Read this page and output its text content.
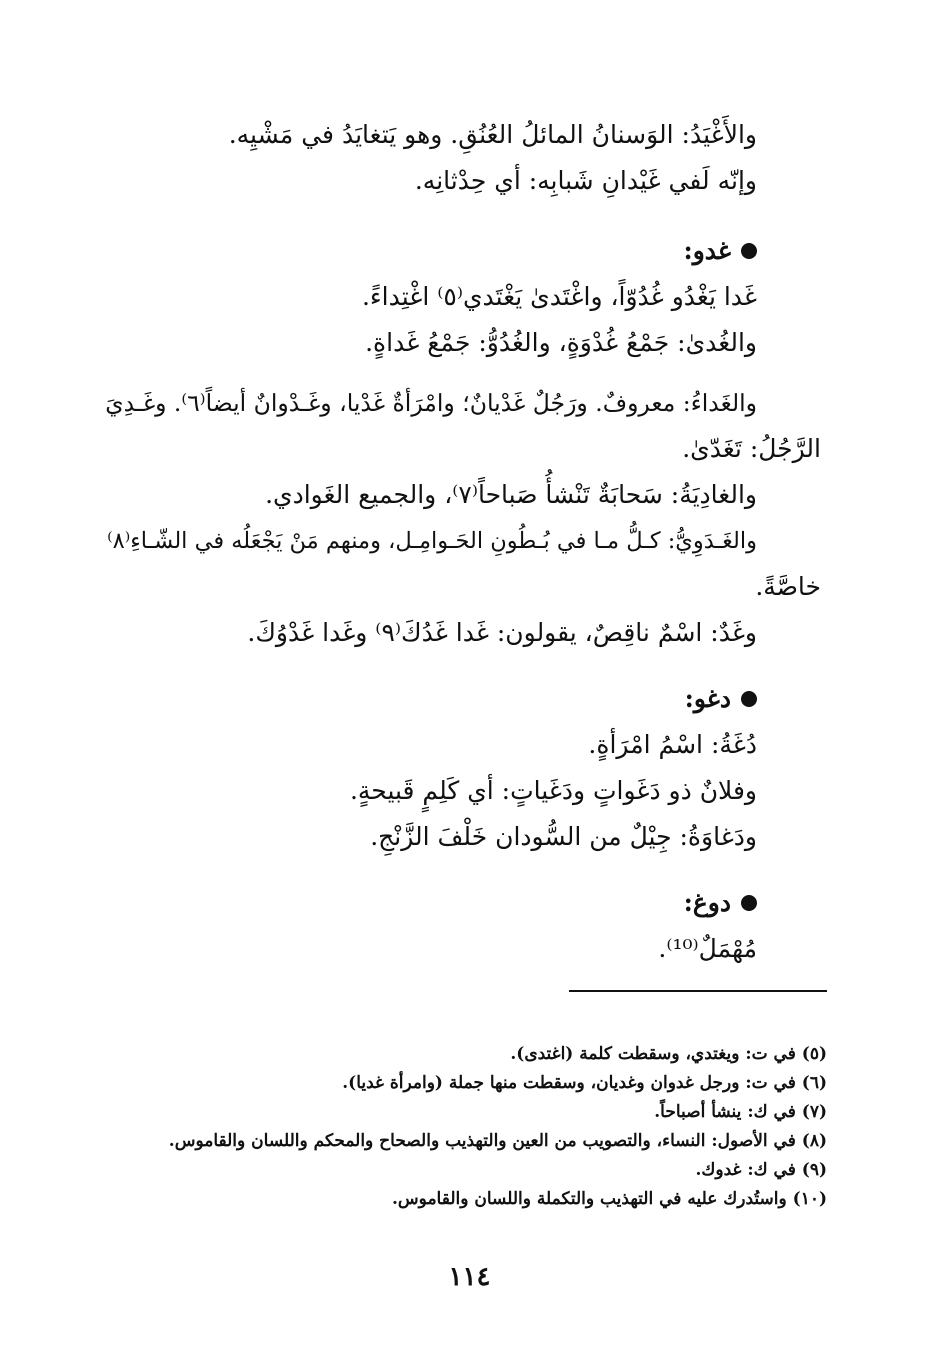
والأَغْيَدُ: الوَسنانُ المائلُ العُنُقِ. وهو يَتغايَدُ في مَشْيِه.
وإنّه لَفي غَيْدانِ شَبابِه: أي حِدْثانِه.
غدو:
غَدا يَغْدُو غُدُوّاً، واغْتَدىٰ يَغْتَدي⁽٥⁾ اغْتِداءً.
والغُدىٰ: جَمْعُ غُدْوَةٍ، والغُدُوُّ: جَمْعُ غَداةٍ.
والغَداءُ: معروفٌ. ورَجُلٌ غَدْيانٌ؛ وامْرَأةٌ غَدْيا، وغَـدْوانٌ أيضاً⁽٦⁾. وغَـدِيَ
الرَّجُلُ: تَغَدّىٰ.
والغادِيَةُ: سَحابَةٌ تَنْشأُ صَباحاً⁽٧⁾، والجميع الغَوادي.
والغَـدَوِيُّ: كـلُّ مـا في بُـطُونِ الحَـوامِـل، ومنهم مَنْ يَجْعَلُه في الشّـاءِ⁽٨⁾
خاصَّةً.
وغَدٌ: اسْمٌ ناقِصٌ، يقولون: غَدا غَدُكَ⁽٩⁾ وغَدا غَدْوُكَ.
دغو:
دُغَةُ: اسْمُ امْرَأةٍ.
وفلانٌ ذو دَغَواتٍ ودَغَياتٍ: أي كَلِمٍ قَبيحةٍ.
ودَغاوَةُ: جِيْلٌ من السُّودان خَلْفَ الزَّنْجِ.
دوغ:
مُهْمَلٌ⁽¹⁰⁾.
(٥) في ت: ويغتدي، وسقطت كلمة (اغتدى).
(٦) في ت: ورجل غدوان وغديان، وسقطت منها جملة (وامرأة غديا).
(٧) في ك: ينشأ أصباحاً.
(٨) في الأصول: النساء، والتصويب من العين والتهذيب والصحاح والمحكم واللسان والقاموس.
(٩) في ك: غدوك.
(١٠) واستُدرك عليه في التهذيب والتكملة واللسان والقاموس.
١١٤
